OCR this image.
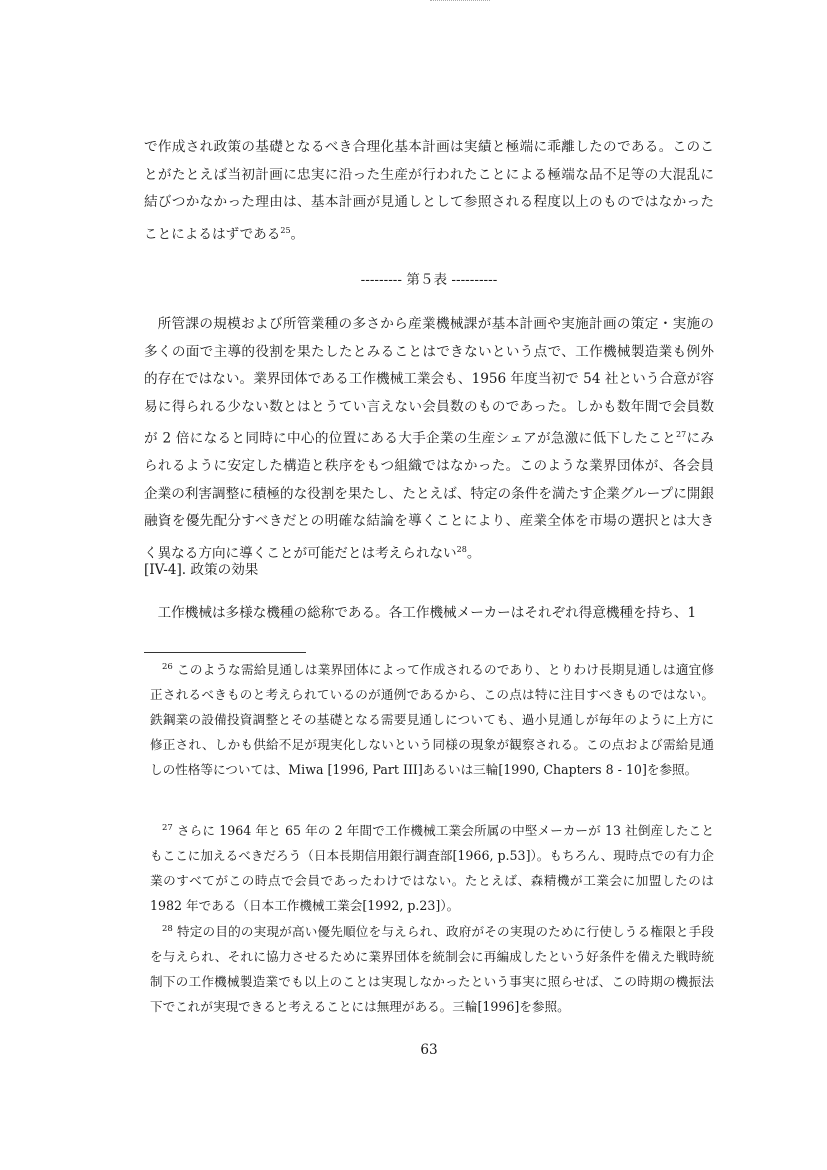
で作成され政策の基礎となるべき合理化基本計画は実績と極端に乖離したのである。このことがたとえば当初計画に忠実に沿った生産が行われたことによる極端な品不足等の大混乱に結びつかなかった理由は、基本計画が見通しとして参照される程度以上のものではなかったことによるはずである$^{25}$。

--------- 第５表 ----------

所管課の規模および所管業種の多さから産業機械課が基本計画や実施計画の策定・実施の多くの面で主導的役割を果たしたとみることはできないという点で、工作機械製造業も例外的存在ではない。業界団体である工作機械工業会も、1956 年度当初で 54 社という合意が容易に得られる少ない数とはとうてい言えない会員数のものであった。しかも数年間で会員数が 2 倍になると同時に中心的位置にある大手企業の生産シェアが急激に低下したこと$^{27}$にみられるように安定した構造と秩序をもつ組織ではなかった。このような業界団体が、各会員企業の利害調整に積極的な役割を果たし、たとえば、特定の条件を満たす企業グループに開銀融資を優先配分すべきだとの明確な結論を導くことにより、産業全体を市場の選択とは大きく異なる方向に導くことが可能だとは考えられない$^{28}$。

[IV-4]. 政策の効果

工作機械は多様な機種の総称である。各工作機械メーカーはそれぞれ得意機種を持ち、1

$^{26}$ このような需給見通しは業界団体によって作成されるのであり、とりわけ長期見通しは適宜修正されるべきものと考えられているのが通例であるから、この点は特に注目すべきものではない。鉄鋼業の設備投資調整とその基礎となる需要見通しについても、過小見通しが毎年のように上方に修正され、しかも供給不足が現実化しないという同様の現象が観察される。この点および需給見通しの性格等については、Miwa [1996, Part III]あるいは三輪[1990, Chapters 8 - 10]を参照。

$^{27}$ さらに 1964 年と 65 年の 2 年間で工作機械工業会所属の中堅メーカーが 13 社倒産したこともここに加えるべきだろう（日本長期信用銀行調査部[1966, p.53]）。もちろん、現時点での有力企業のすべてがこの時点で会員であったわけではない。たとえば、森精機が工業会に加盟したのは 1982 年である（日本工作機械工業会[1992, p.23]）。

$^{28}$ 特定の目的の実現が高い優先順位を与えられ、政府がその実現のために行使しうる権限と手段を与えられ、それに協力させるために業界団体を統制会に再編成したという好条件を備えた戦時統制下の工作機械製造業でも以上のことは実現しなかったという事実に照らせば、この時期の機振法下でこれが実現できると考えることには無理がある。三輪[1996]を参照。

63
